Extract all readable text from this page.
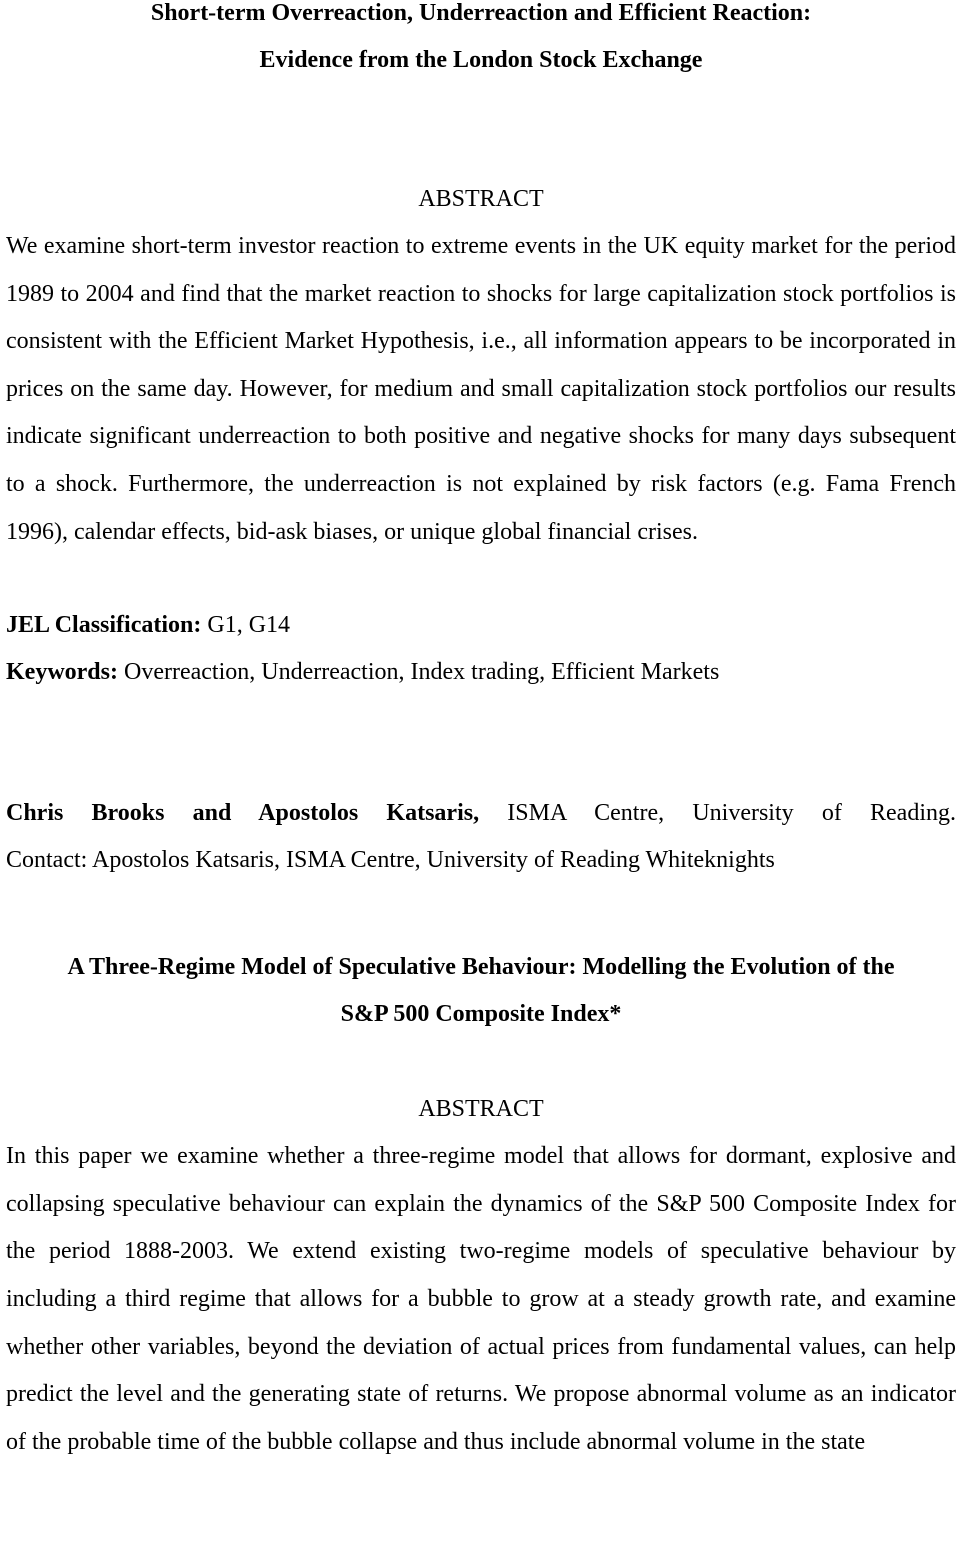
Short-term Overreaction, Underreaction and Efficient Reaction:

Evidence from the London Stock Exchange

ABSTRACT

We examine short-term investor reaction to extreme events in the UK equity market for the period 1989 to 2004 and find that the market reaction to shocks for large capitalization stock portfolios is consistent with the Efficient Market Hypothesis, i.e., all information appears to be incorporated in prices on the same day. However, for medium and small capitalization stock portfolios our results indicate significant underreaction to both positive and negative shocks for many days subsequent to a shock. Furthermore, the underreaction is not explained by risk factors (e.g. Fama French 1996), calendar effects, bid-ask biases, or unique global financial crises.

JEL Classification: G1, G14

Keywords: Overreaction, Underreaction, Index trading, Efficient Markets

Chris Brooks and Apostolos Katsaris, ISMA Centre, University of Reading.

Contact: Apostolos Katsaris, ISMA Centre, University of Reading Whiteknights

A Three-Regime Model of Speculative Behaviour: Modelling the Evolution of the

S&P 500 Composite Index*

ABSTRACT

In this paper we examine whether a three-regime model that allows for dormant, explosive and collapsing speculative behaviour can explain the dynamics of the S&P 500 Composite Index for the period 1888-2003. We extend existing two-regime models of speculative behaviour by including a third regime that allows for a bubble to grow at a steady growth rate, and examine whether other variables, beyond the deviation of actual prices from fundamental values, can help predict the level and the generating state of returns. We propose abnormal volume as an indicator of the probable time of the bubble collapse and thus include abnormal volume in the state
